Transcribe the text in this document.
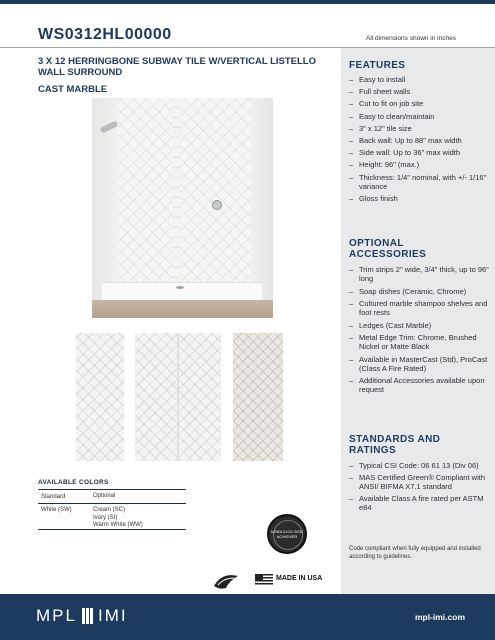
WS0312HL00000	All dimensions shown in inches
3 X 12 HERRINGBONE SUBWAY TILE W/VERTICAL LISTELLO WALL SURROUND
CAST MARBLE
AVAILABLE COLORS
Standard	Optional
White (SW)	Cream (SC)
Ivory (SI)
Warm White (WW)
MINDCLICK SGM ACHIEVER
MADE IN USA
FEATURES
– Easy to install
– Full sheet walls
– Cut to fit on job site
– Easy to clean/maintain
– 3" x 12" tile size
– Back wall: Up to 88" max width
– Side wall: Up to 36" max width
– Height: 96" (max.)
– Thickness: 1/4" nominal, with +/- 1/16" variance
– Gloss finish
OPTIONAL ACCESSORIES
– Trim strips 2" wide, 3/4" thick, up to 96" long
– Soap dishes (Ceramic, Chrome)
– Cultured marble shampoo shelves and foot rests
– Ledges (Cast Marble)
– Metal Edge Trim: Chrome, Brushed Nickel or Matte Black
– Available in MasterCast (Std), ProCast (Class A Fire Rated)
– Additional Accessories available upon request
STANDARDS AND RATINGS
– Typical CSI Code: 06 61 13 (Div 06)
– MAS Certified Green® Compliant with ANSI/ BIFMA X7.1 standard
– Available Class A fire rated per ASTM e84
Code compliant when fully equipped and installed according to guidelines.
MPL IMI	mpl-imi.com
